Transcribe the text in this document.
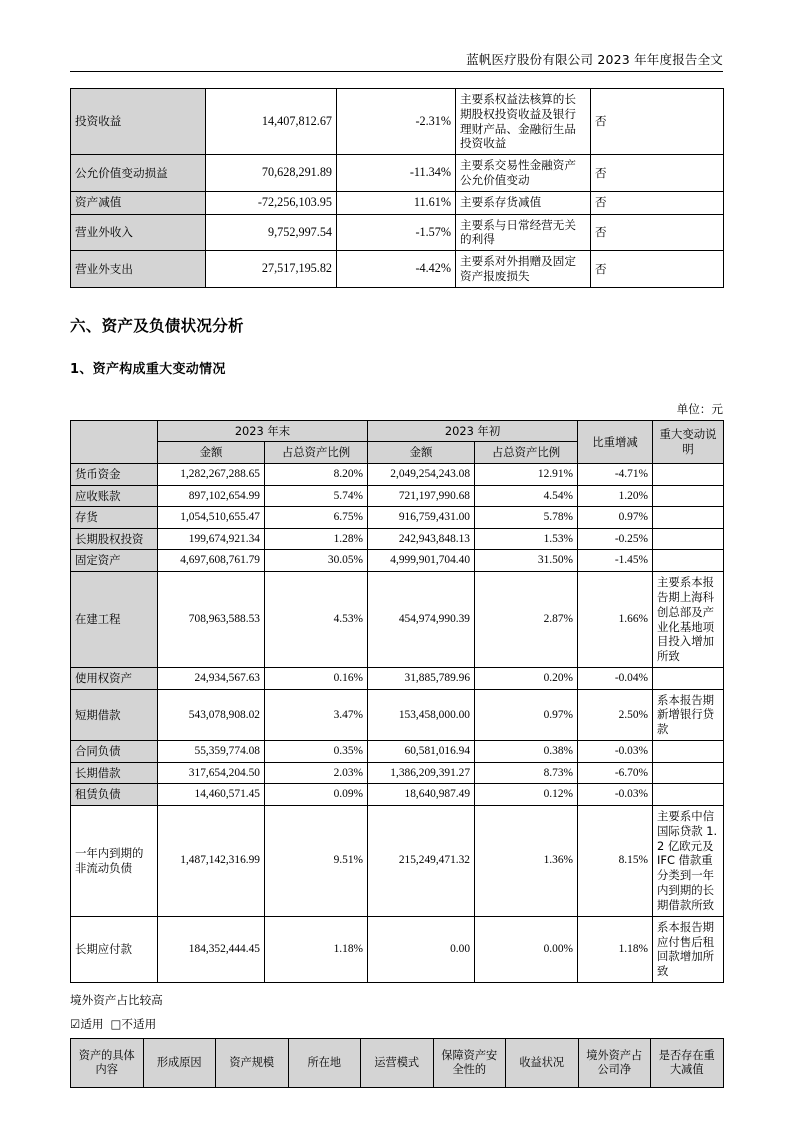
蓝帆医疗股份有限公司 2023 年年度报告全文
投资收益	14,407,812.67	-2.31%	主要系权益法核算的长期股权投资收益及银行理财产品、金融衍生品投资收益	否
公允价值变动损益	70,628,291.89	-11.34%	主要系交易性金融资产公允价值变动	否
资产减值	-72,256,103.95	11.61%	主要系存货减值	否
营业外收入	9,752,997.54	-1.57%	主要系与日常经营无关的利得	否
营业外支出	27,517,195.82	-4.42%	主要系对外捐赠及固定资产报废损失	否
六、资产及负债状况分析
1、资产构成重大变动情况
单位：元
	2023 年末		2023 年初		比重增减	重大变动说明
	金额	占总资产比例	金额	占总资产比例		
货币资金	1,282,267,288.65	8.20%	2,049,254,243.08	12.91%	-4.71%	
应收账款	897,102,654.99	5.74%	721,197,990.68	4.54%	1.20%	
存货	1,054,510,655.47	6.75%	916,759,431.00	5.78%	0.97%	
长期股权投资	199,674,921.34	1.28%	242,943,848.13	1.53%	-0.25%	
固定资产	4,697,608,761.79	30.05%	4,999,901,704.40	31.50%	-1.45%	
在建工程	708,963,588.53	4.53%	454,974,990.39	2.87%	1.66%	主要系本报告期上海科创总部及产业化基地项目投入增加所致
使用权资产	24,934,567.63	0.16%	31,885,789.96	0.20%	-0.04%	
短期借款	543,078,908.02	3.47%	153,458,000.00	0.97%	2.50%	系本报告期新增银行贷款
合同负债	55,359,774.08	0.35%	60,581,016.94	0.38%	-0.03%	
长期借款	317,654,204.50	2.03%	1,386,209,391.27	8.73%	-6.70%	
租赁负债	14,460,571.45	0.09%	18,640,987.49	0.12%	-0.03%	
一年内到期的非流动负债	1,487,142,316.99	9.51%	215,249,471.32	1.36%	8.15%	主要系中信国际贷款 1.2 亿欧元及 IFC 借款重分类到一年内到期的长期借款所致
长期应付款	184,352,444.45	1.18%	0.00	0.00%	1.18%	系本报告期应付售后租回款增加所致
境外资产占比较高
☑适用 □不适用
资产的具体内容	形成原因	资产规模	所在地	运营模式	保障资产安全性的	收益状况	境外资产占公司净	是否存在重大减值
